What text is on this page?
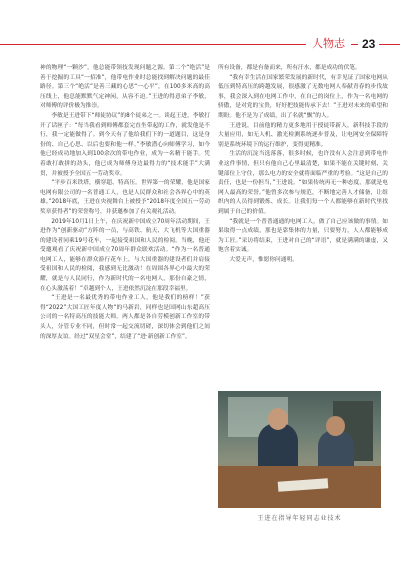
人物志	23

神的物理“一颗沙”，他总能带领技发现问题之源。第二个“绝活”是善于挖掘的工具“一招准”，他带电作业时总能找到解决问题的最佳路径。第三个“绝活”是善三藏的心思“一心平”，在100多米高的高压线上，他总能默默气定神闲，从容不迫。”王进的得意弟子李敏，对师傅的评价极为推崇。

李敏是王进带下“师徒协议”的8个徒弟之一。谈起王进，李敏打开了话匣子：“每当我看到师傅都套完直坐带起的工作，就发他是不行，我一定能做得了。到今天有了他给我们下的一道题目，这是身份的、自己心思、以后也要和他一样。”李敏潜心向师傅学习，如今他已经成功地加入到100余次的带电作业，成为一名精干能手。凭着敢打敢拼的劲头，他已成为师傅身边最得力的“技术能手”大满贯，并被授予全国五一劳动奖章。

“平步百米铁塔，横穿超、特高压。世界第一的荣耀，他是国家电网有限公司的一名普通工人，也是人民群众和社会各界心中的英雄。”2018年底，王进在央视舞台上被授予“2018年度全国五一劳动奖章获得者”的荣誉称号，并获邀参加了有关观礼活动。

2019年10月1日上午，在庆祝新中国成立70周年活动期间，王进作为“创新驱动”方阵的一员，与高铁、航天、大飞机等大国重器的建设者同乘19号花车，一起接受祖国和人民的检阅。当晚，他还受邀观看了庆祝新中国成立70周年群众联欢活动。“作为一名普通电网工人，能够在群众游行花车上，与大国重器的建设者们并肩接受祖国和人民的检阅，我感到无比激动！在周围各界心中最大的荣耀，就是与人民同行，作为新时代的一名电网人，那份自豪之情，在心头激荡着！”卓越到个人，王进依然沉淀在那段幸福里。

“王进是一名最优秀的带电作业工人，他是我们的榜样！”获得“2022”大国工匠年度人物“的马新岩，同样也是国网山东超高压公司的一名特高压的技能大师。两人都是各自劳模创新工作室的带头人，分管专业不同，但时常一起交流切磋，深切体会到他们之间的深厚友谊。经过“双星会堂”，结建了“进·新创新工作室”。

所有设备，都是有备而来，所有汗水，都是成功的伏笔。

“我有幸生活在国家繁荣发展的新时代，有幸见证了国家电网从低压到特高压的跨越发展，很感激了无数电网人奉献青春的步伐故事，我会深入到在电网工作中，在自己的岗位上，作为一名电网的骄傲，是对党的宝贵，好好把技能传承下去！”王进对未来的希望和期盼。他不是为了成绩，出了名就“飘”的人。

王进说，目前他的精力更多地用于授徒带新人，新科技手段的大量应用，如无人机、激光检测系统逐步普及，让电网安全保障特别是系统环境下的运行维护，变得更精准。

生活的沉淀当选落落，很多时候，也许没有人会注意到带电作业这件事情，但只有他自己心里最清楚，如果不能在关键时刻、关键部位上守住，那么电力的安全就将面临严重的考验。“这是自己的责任，也是一份担当，”王进说。“如果传统再无一种态度，那就是电网人最高的荣誉。”他曾多次参与规范，不断地完善人才储备，让组织内的人员得到锻炼、成长。让我们每一个人都能够在新时代里找到属于自己的价值。

“我就是一个普普通通的电网工人，做了自己应该做的事情。如果取得一点成绩，那也是靠集体的力量，只要努力，人人都能够成为工匠。”采访将结束，王进对自己的“评语”，就是满满的谦虚，又饱含着实诚。

大爱无声，惟愿你问通明。

王进在指导年轻同志业技术
